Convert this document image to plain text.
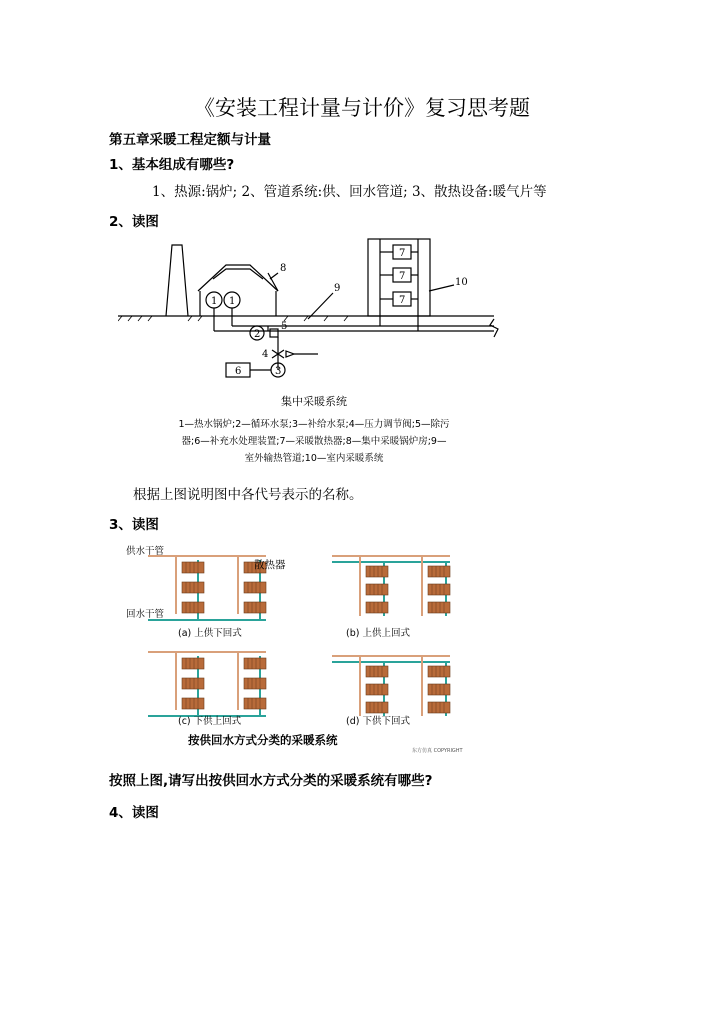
《安装工程计量与计价》复习思考题
第五章采暖工程定额与计量
1、基本组成有哪些?
1、热源:锅炉; 2、管道系统:供、回水管道; 3、散热设备:暖气片等
2、读图
1 1
2
3
4
5
6
7
7
7
8
9
10
集中采暖系统
1—热水锅炉;2—循环水泵;3—补给水泵;4—压力调节阀;5—除污
器;6—补充水处理装置;7—采暖散热器;8—集中采暖锅炉房;9—
室外输热管道;10—室内采暖系统
根据上图说明图中各代号表示的名称。
3、读图
供水干管
回水干管
散热器
(a) 上供下回式	(b) 上供上回式
(c) 下供上回式	(d) 下供下回式
按供回水方式分类的采暖系统
东方仿真 COPYRIGHT
按照上图,请写出按供回水方式分类的采暖系统有哪些?
4、读图
